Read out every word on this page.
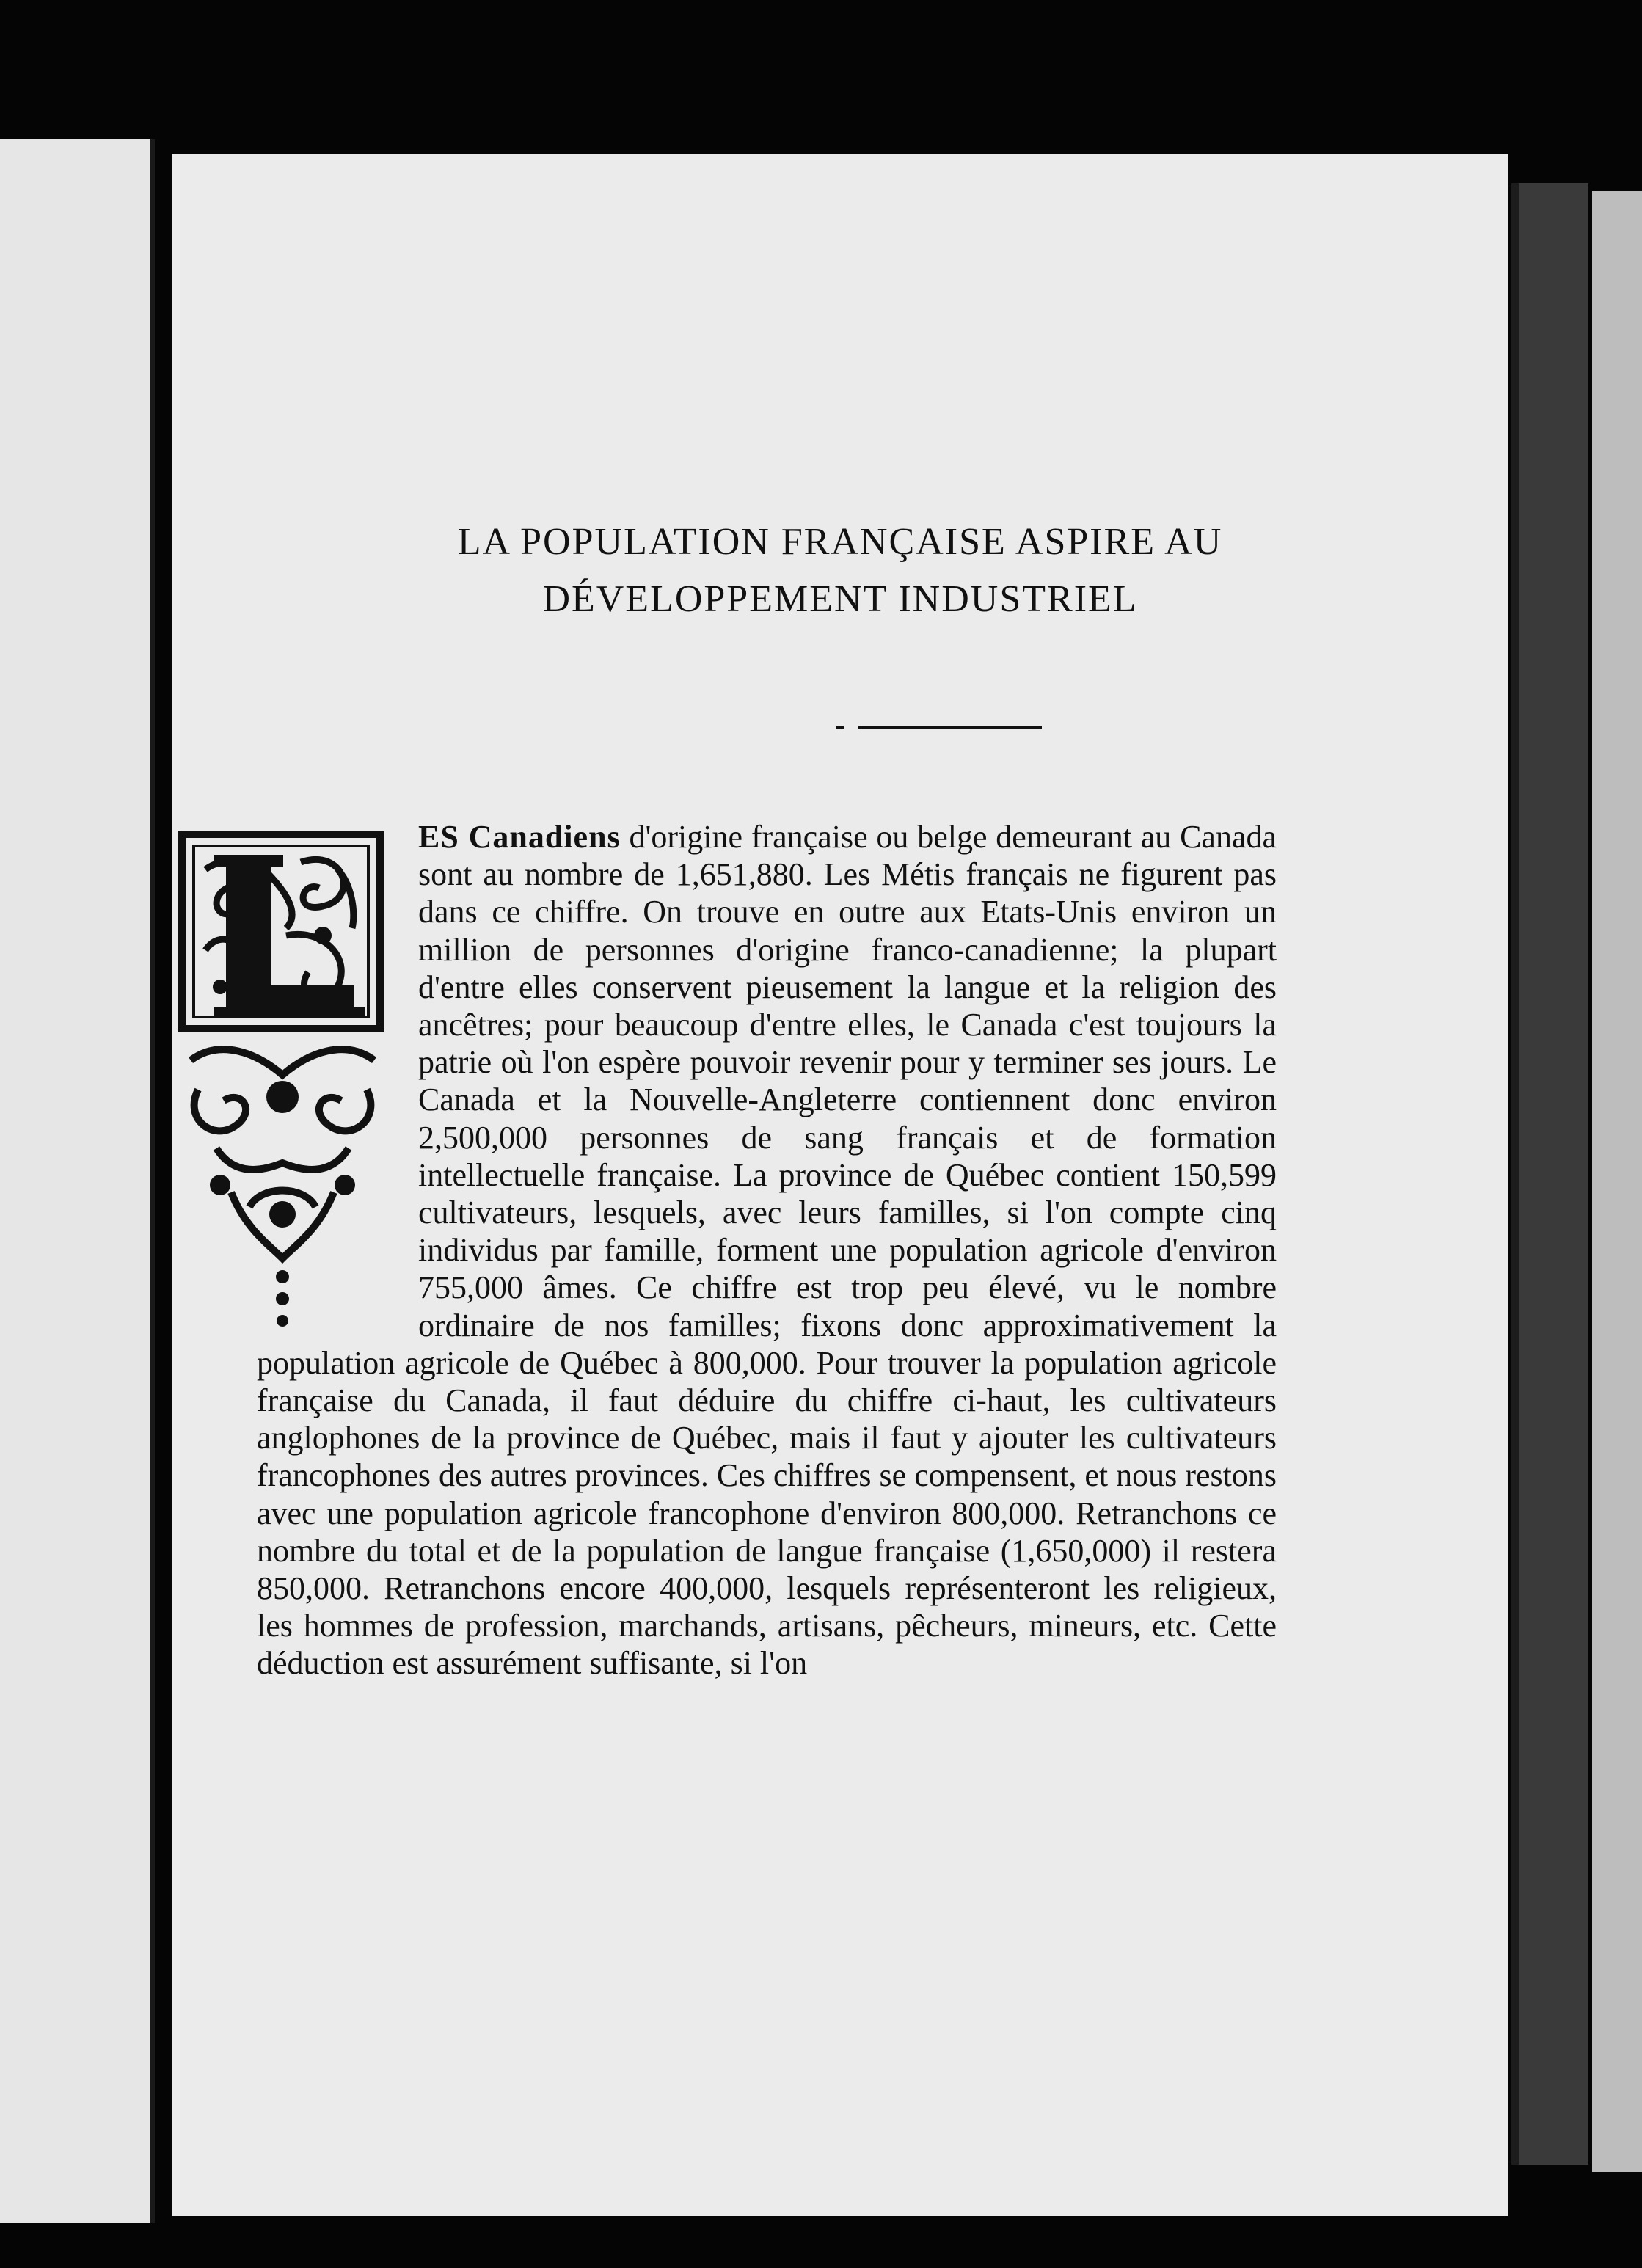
LA POPULATION FRANÇAISE ASPIRE AU
DÉVELOPPEMENT INDUSTRIEL

ES Canadiens d'origine française ou belge demeurant au Canada sont au nombre de 1,651,880. Les Métis français ne figurent pas dans ce chiffre. On trouve en outre aux Etats-Unis environ un million de personnes d'origine franco-canadienne; la plupart d'entre elles conservent pieusement la langue et la religion des ancêtres; pour beaucoup d'entre elles, le Canada c'est toujours la patrie où l'on espère pouvoir revenir pour y terminer ses jours. Le Canada et la Nouvelle-Angleterre contiennent donc environ 2,500,000 personnes de sang français et de formation intellectuelle française. La province de Québec contient 150,599 cultivateurs, lesquels, avec leurs familles, si l'on compte cinq individus par famille, forment une population agricole d'environ 755,000 âmes. Ce chiffre est trop peu élevé, vu le nombre ordinaire de nos familles; fixons donc approximativement la population agricole de Québec à 800,000. Pour trouver la population agricole française du Canada, il faut déduire du chiffre ci-haut, les cultivateurs anglophones de la province de Québec, mais il faut y ajouter les cultivateurs francophones des autres provinces. Ces chiffres se compensent, et nous restons avec une population agricole francophone d'environ 800,000. Retranchons ce nombre du total et de la population de langue française (1,650,000) il restera 850,000. Retranchons encore 400,000, lesquels représenteront les religieux, les hommes de profession, marchands, artisans, pêcheurs, mineurs, etc. Cette déduction est assurément suffisante, si l'on
